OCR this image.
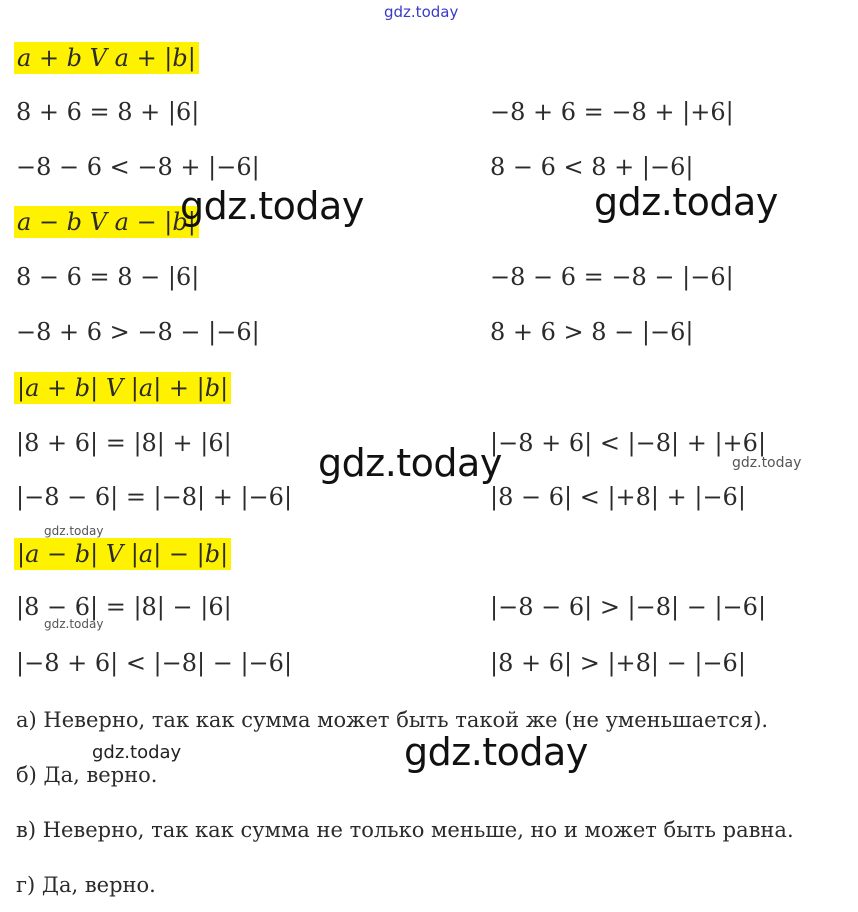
a + b V a + |b|
8 + 6 = 8 + |6|	−8 + 6 = −8 + |+6|
−8 − 6 < −8 + |−6|	8 − 6 < 8 + |−6|
a − b V a − |b|
8 − 6 = 8 − |6|	−8 − 6 = −8 − |−6|
−8 + 6 > −8 − |−6|	8 + 6 > 8 − |−6|
|a + b| V |a| + |b|
|8 + 6| = |8| + |6|	|−8 + 6| < |−8| + |+6|
|−8 − 6| = |−8| + |−6|	|8 − 6| < |+8| + |−6|
|a − b| V |a| − |b|
|8 − 6| = |8| − |6|	|−8 − 6| > |−8| − |−6|
|−8 + 6| < |−8| − |−6|	|8 + 6| > |+8| − |−6|
а) Неверно, так как сумма может быть такой же (не уменьшается).
б) Да, верно.
в) Неверно, так как сумма не только меньше, но и может быть равна.
г) Да, верно.
gdz.today
gdz.today	gdz.today
gdz.today
gdz.today
gdz.today
gdz.today
gdz.today
gdz.today
